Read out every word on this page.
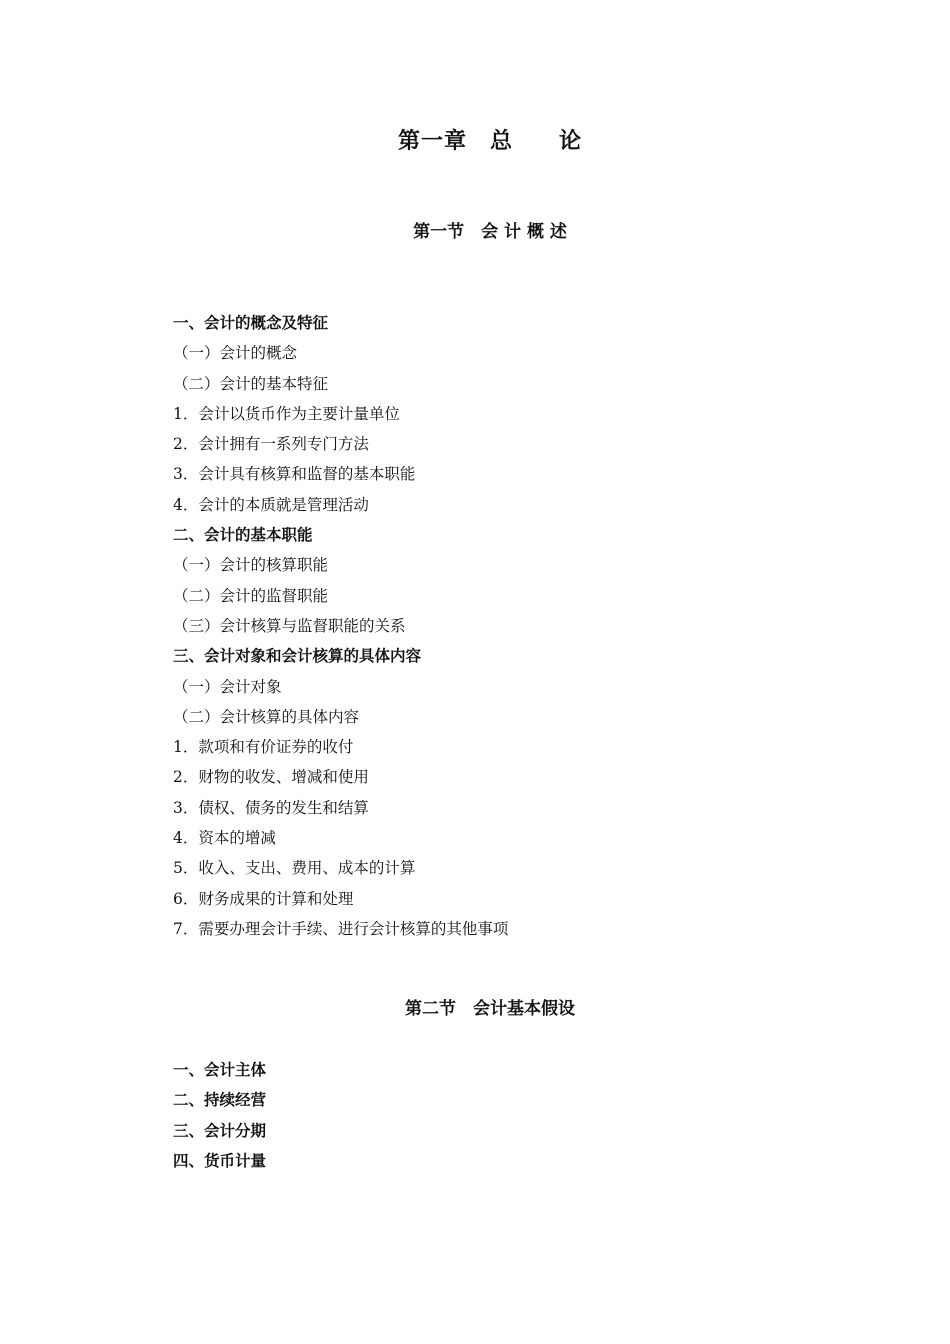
第一章　总　　论
第一节　会 计 概 述
一、会计的概念及特征
（一）会计的概念
（二）会计的基本特征
1．会计以货币作为主要计量单位
2．会计拥有一系列专门方法
3．会计具有核算和监督的基本职能
4．会计的本质就是管理活动
二、会计的基本职能
（一）会计的核算职能
（二）会计的监督职能
（三）会计核算与监督职能的关系
三、会计对象和会计核算的具体内容
（一）会计对象
（二）会计核算的具体内容
1．款项和有价证券的收付
2．财物的收发、增减和使用
3．债权、债务的发生和结算
4．资本的增减
5．收入、支出、费用、成本的计算
6．财务成果的计算和处理
7．需要办理会计手续、进行会计核算的其他事项
第二节　会计基本假设
一、会计主体
二、持续经营
三、会计分期
四、货币计量
